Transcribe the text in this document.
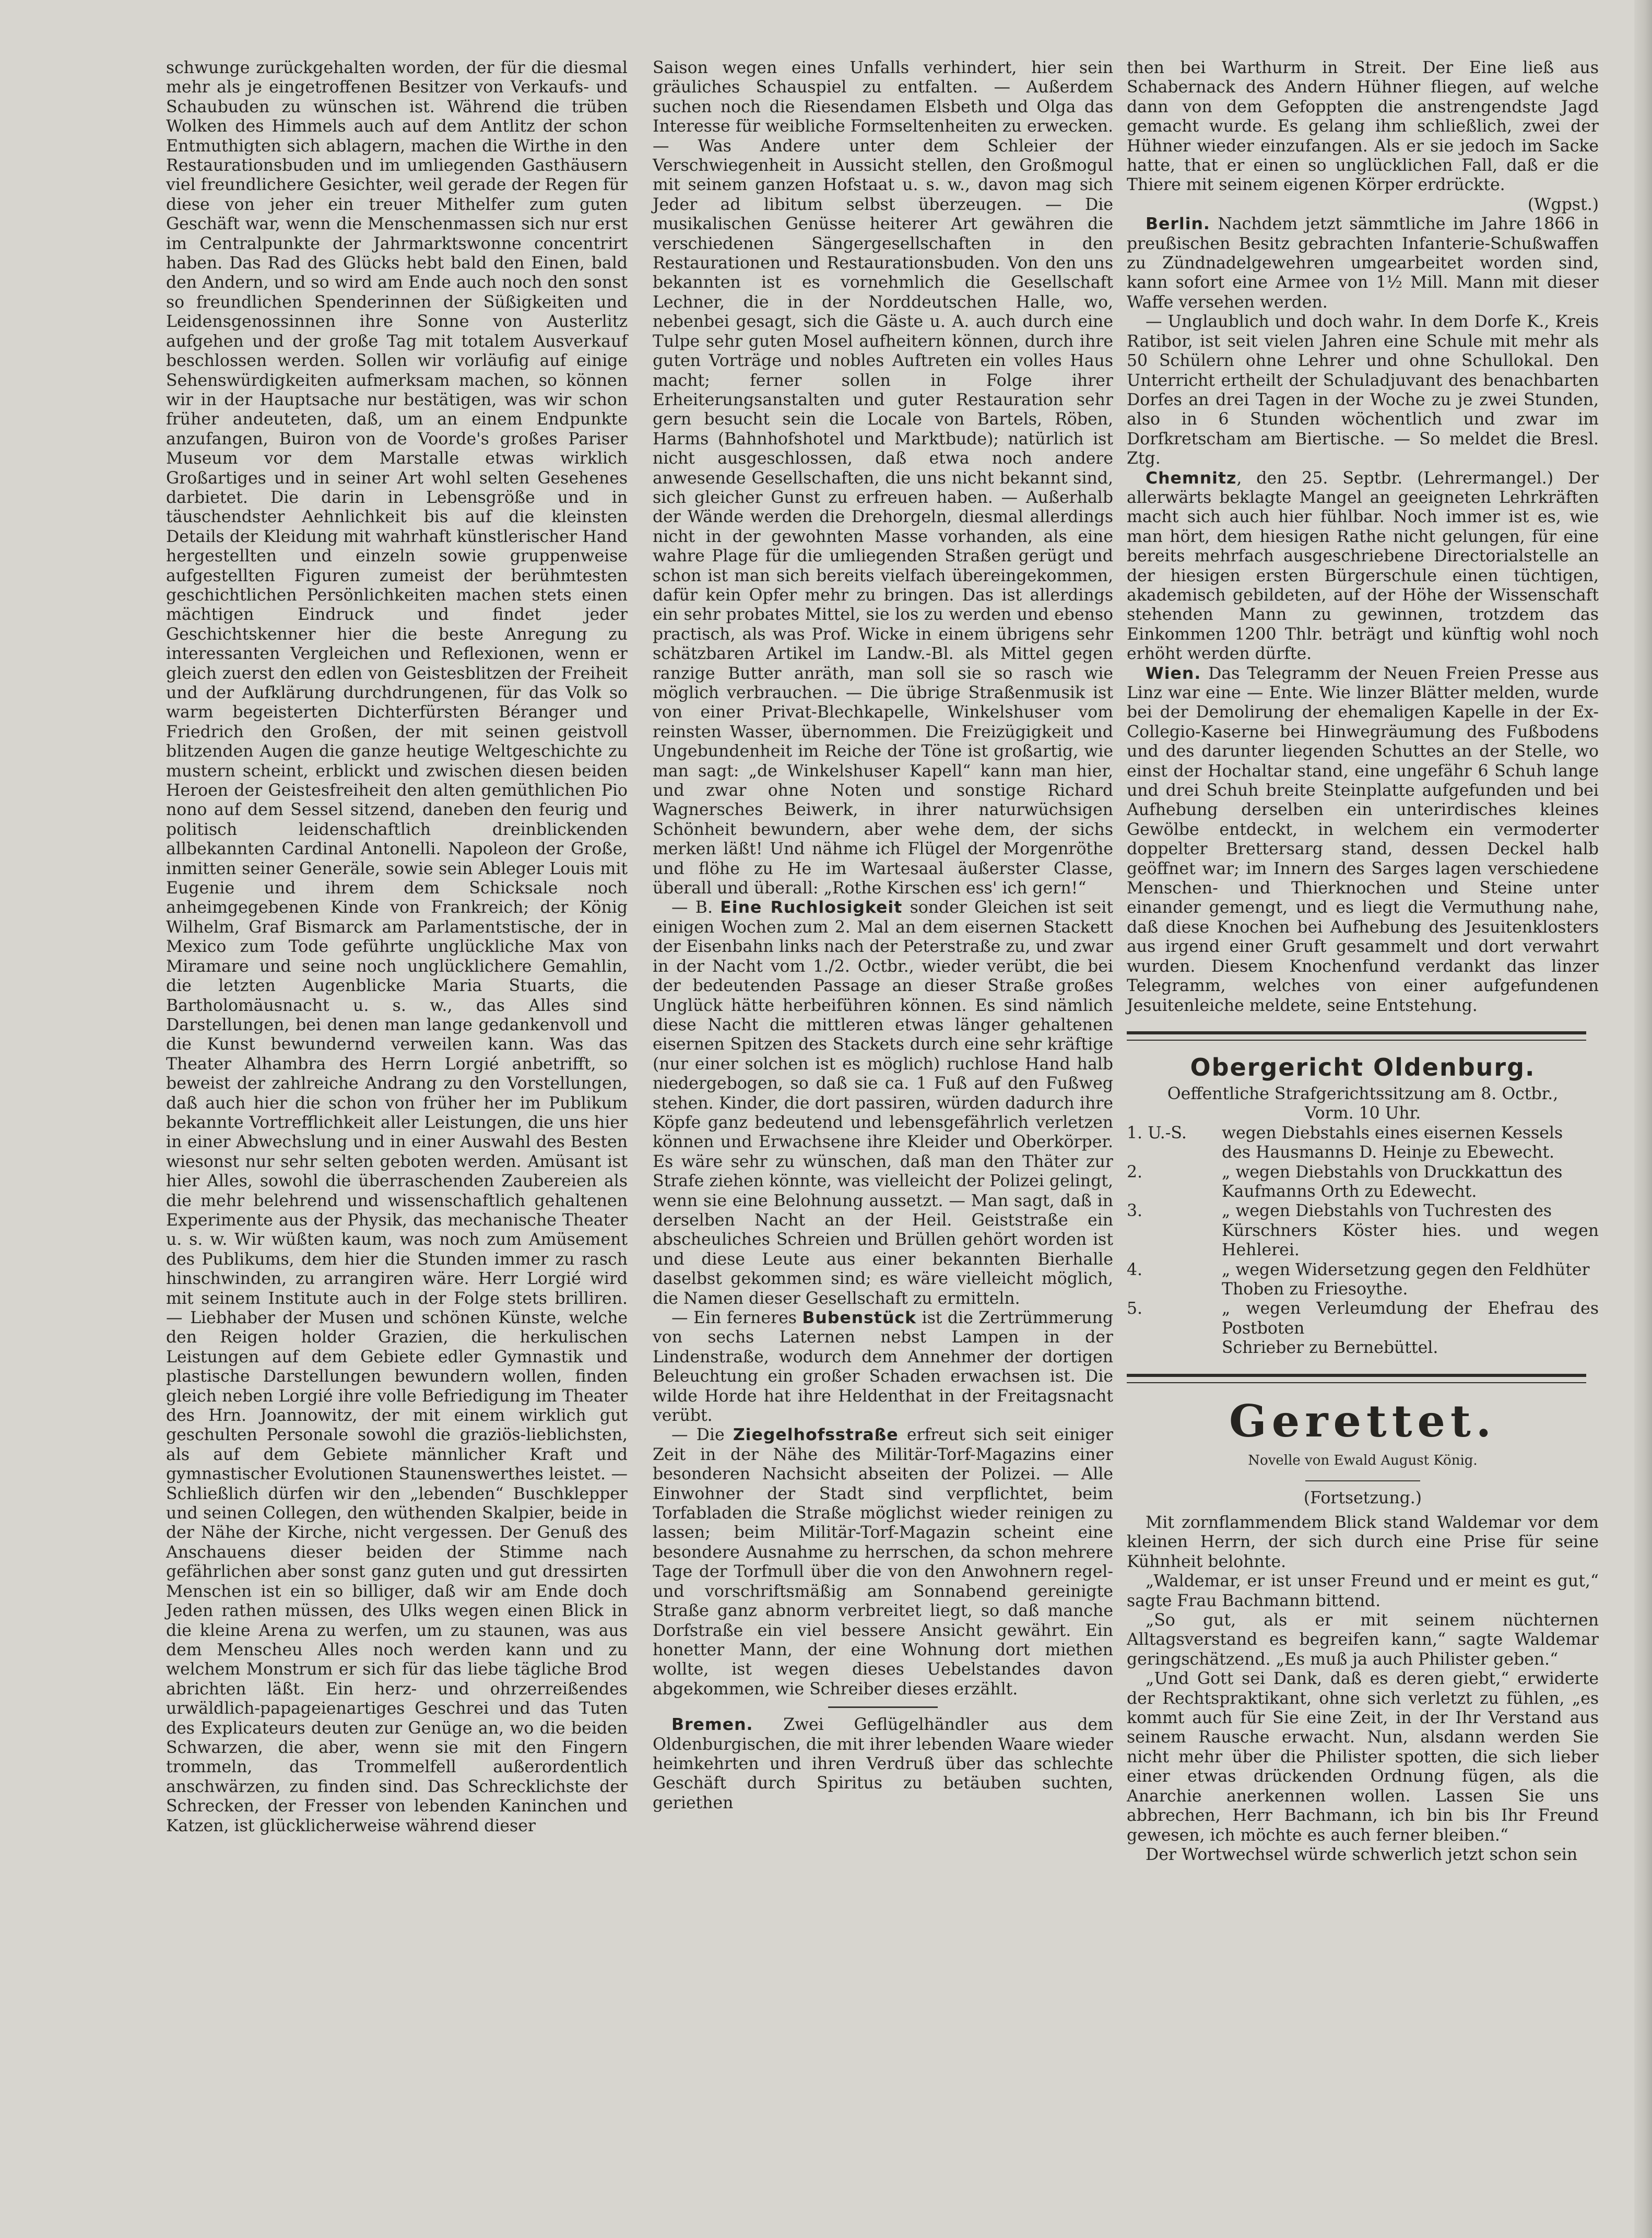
schwunge zurückgehalten worden, der für die diesmal mehr als je eingetroffenen Besitzer von Verkaufs- und Schaubuden zu wünschen ist. Während die trüben Wolken des Himmels auch auf dem Antlitz der schon Entmuthigten sich ablagern, machen die Wirthe in den Restaurationsbuden und im umliegenden Gasthäusern viel freundlichere Gesichter, weil gerade der Regen für diese von jeher ein treuer Mithelfer zum guten Geschäft war, wenn die Menschenmassen sich nur erst im Centralpunkte der Jahrmarktswonne concentrirt haben. Das Rad des Glücks hebt bald den Einen, bald den Andern, und so wird am Ende auch noch den sonst so freundlichen Spenderinnen der Süßigkeiten und Leidensgenossinnen ihre Sonne von Austerlitz aufgehen und der große Tag mit totalem Ausverkauf beschlossen werden. Sollen wir vorläufig auf einige Sehenswürdigkeiten aufmerksam machen, so können wir in der Hauptsache nur bestätigen, was wir schon früher andeuteten, daß, um an einem Endpunkte anzufangen, Buiron von de Voorde's großes Pariser Museum vor dem Marstalle etwas wirklich Großartiges und in seiner Art wohl selten Gesehenes darbietet. Die darin in Lebensgröße und in täuschendster Aehnlichkeit bis auf die kleinsten Details der Kleidung mit wahrhaft künstlerischer Hand hergestellten und einzeln sowie gruppenweise aufgestellten Figuren zumeist der berühmtesten geschichtlichen Persönlichkeiten machen stets einen mächtigen Eindruck und findet jeder Geschichtskenner hier die beste Anregung zu interessanten Vergleichen und Reflexionen, wenn er gleich zuerst den edlen von Geistesblitzen der Freiheit und der Aufklärung durchdrungenen, für das Volk so warm begeisterten Dichterfürsten Béranger und Friedrich den Großen, der mit seinen geistvoll blitzenden Augen die ganze heutige Weltgeschichte zu mustern scheint, erblickt und zwischen diesen beiden Heroen der Geistesfreiheit den alten gemüthlichen Pio nono auf dem Sessel sitzend, daneben den feurig und politisch leidenschaftlich dreinblickenden allbekannten Cardinal Antonelli. Napoleon der Große, inmitten seiner Generäle, sowie sein Ableger Louis mit Eugenie und ihrem dem Schicksale noch anheimgegebenen Kinde von Frankreich; der König Wilhelm, Graf Bismarck am Parlamentstische, der in Mexico zum Tode geführte unglückliche Max von Miramare und seine noch unglücklichere Gemahlin, die letzten Augenblicke Maria Stuarts, die Bartholomäusnacht u. s. w., das Alles sind Darstellungen, bei denen man lange gedankenvoll und die Kunst bewundernd verweilen kann. Was das Theater Alhambra des Herrn Lorgié anbetrifft, so beweist der zahlreiche Andrang zu den Vorstellungen, daß auch hier die schon von früher her im Publikum bekannte Vortrefflichkeit aller Leistungen, die uns hier in einer Abwechslung und in einer Auswahl des Besten wiesonst nur sehr selten geboten werden. Amüsant ist hier Alles, sowohl die überraschenden Zaubereien als die mehr belehrend und wissenschaftlich gehaltenen Experimente aus der Physik, das mechanische Theater u. s. w. Wir wüßten kaum, was noch zum Amüsement des Publikums, dem hier die Stunden immer zu rasch hinschwinden, zu arrangiren wäre. Herr Lorgié wird mit seinem Institute auch in der Folge stets brilliren. — Liebhaber der Musen und schönen Künste, welche den Reigen holder Grazien, die herkulischen Leistungen auf dem Gebiete edler Gymnastik und plastische Darstellungen bewundern wollen, finden gleich neben Lorgié ihre volle Befriedigung im Theater des Hrn. Joannowitz, der mit einem wirklich gut geschulten Personale sowohl die graziös-lieblichsten, als auf dem Gebiete männlicher Kraft und gymnastischer Evolutionen Staunenswerthes leistet. — Schließlich dürfen wir den „lebenden“ Buschklepper und seinen Collegen, den wüthenden Skalpier, beide in der Nähe der Kirche, nicht vergessen. Der Genuß des Anschauens dieser beiden der Stimme nach gefährlichen aber sonst ganz guten und gut dressirten Menschen ist ein so billiger, daß wir am Ende doch Jeden rathen müssen, des Ulks wegen einen Blick in die kleine Arena zu werfen, um zu staunen, was aus dem Menscheu Alles noch werden kann und zu welchem Monstrum er sich für das liebe tägliche Brod abrichten läßt. Ein herz- und ohrzerreißendes urwäldlich-papageienartiges Geschrei und das Tuten des Explicateurs deuten zur Genüge an, wo die beiden Schwarzen, die aber, wenn sie mit den Fingern trommeln, das Trommelfell außerordentlich anschwärzen, zu finden sind. Das Schrecklichste der Schrecken, der Fresser von lebenden Kaninchen und Katzen, ist glücklicherweise während dieser

Saison wegen eines Unfalls verhindert, hier sein gräuliches Schauspiel zu entfalten. — Außerdem suchen noch die Riesendamen Elsbeth und Olga das Interesse für weibliche Formseltenheiten zu erwecken. — Was Andere unter dem Schleier der Verschwiegenheit in Aussicht stellen, den Großmogul mit seinem ganzen Hofstaat u. s. w., davon mag sich Jeder ad libitum selbst überzeugen. — Die musikalischen Genüsse heiterer Art gewähren die verschiedenen Sängergesellschaften in den Restaurationen und Restaurationsbuden. Von den uns bekannten ist es vornehmlich die Gesellschaft Lechner, die in der Norddeutschen Halle, wo, nebenbei gesagt, sich die Gäste u. A. auch durch eine Tulpe sehr guten Mosel aufheitern können, durch ihre guten Vorträge und nobles Auftreten ein volles Haus macht; ferner sollen in Folge ihrer Erheiterungsanstalten und guter Restauration sehr gern besucht sein die Locale von Bartels, Röben, Harms (Bahnhofshotel und Marktbude); natürlich ist nicht ausgeschlossen, daß etwa noch andere anwesende Gesellschaften, die uns nicht bekannt sind, sich gleicher Gunst zu erfreuen haben. — Außerhalb der Wände werden die Drehorgeln, diesmal allerdings nicht in der gewohnten Masse vorhanden, als eine wahre Plage für die umliegenden Straßen gerügt und schon ist man sich bereits vielfach übereingekommen, dafür kein Opfer mehr zu bringen. Das ist allerdings ein sehr probates Mittel, sie los zu werden und ebenso practisch, als was Prof. Wicke in einem übrigens sehr schätzbaren Artikel im Landw.-Bl. als Mittel gegen ranzige Butter anräth, man soll sie so rasch wie möglich verbrauchen. — Die übrige Straßenmusik ist von einer Privat-Blechkapelle, Winkelshuser vom reinsten Wasser, übernommen. Die Freizügigkeit und Ungebundenheit im Reiche der Töne ist großartig, wie man sagt: „de Winkelshuser Kapell“ kann man hier, und zwar ohne Noten und sonstige Richard Wagnersches Beiwerk, in ihrer naturwüchsigen Schönheit bewundern, aber wehe dem, der sichs merken läßt! Und nähme ich Flügel der Morgenröthe und flöhe zu He im Wartesaal äußerster Classe, überall und überall: „Rothe Kirschen ess' ich gern!“

— B. Eine Ruchlosigkeit sonder Gleichen ist seit einigen Wochen zum 2. Mal an dem eisernen Stackett der Eisenbahn links nach der Peterstraße zu, und zwar in der Nacht vom 1./2. Octbr., wieder verübt, die bei der bedeutenden Passage an dieser Straße großes Unglück hätte herbeiführen können. Es sind nämlich diese Nacht die mittleren etwas länger gehaltenen eisernen Spitzen des Stackets durch eine sehr kräftige (nur einer solchen ist es möglich) ruchlose Hand halb niedergebogen, so daß sie ca. 1 Fuß auf den Fußweg stehen. Kinder, die dort passiren, würden dadurch ihre Köpfe ganz bedeutend und lebensgefährlich verletzen können und Erwachsene ihre Kleider und Oberkörper. Es wäre sehr zu wünschen, daß man den Thäter zur Strafe ziehen könnte, was vielleicht der Polizei gelingt, wenn sie eine Belohnung aussetzt. — Man sagt, daß in derselben Nacht an der Heil. Geiststraße ein abscheuliches Schreien und Brüllen gehört worden ist und diese Leute aus einer bekannten Bierhalle daselbst gekommen sind; es wäre vielleicht möglich, die Namen dieser Gesellschaft zu ermitteln.

— Ein ferneres Bubenstück ist die Zertrümmerung von sechs Laternen nebst Lampen in der Lindenstraße, wodurch dem Annehmer der dortigen Beleuchtung ein großer Schaden erwachsen ist. Die wilde Horde hat ihre Heldenthat in der Freitagsnacht verübt.

— Die Ziegelhofsstraße erfreut sich seit einiger Zeit in der Nähe des Militär-Torf-Magazins einer besonderen Nachsicht abseiten der Polizei. — Alle Einwohner der Stadt sind verpflichtet, beim Torfabladen die Straße möglichst wieder reinigen zu lassen; beim Militär-Torf-Magazin scheint eine besondere Ausnahme zu herrschen, da schon mehrere Tage der Torfmull über die von den Anwohnern regel- und vorschriftsmäßig am Sonnabend gereinigte Straße ganz abnorm verbreitet liegt, so daß manche Dorfstraße ein viel bessere Ansicht gewährt. Ein honetter Mann, der eine Wohnung dort miethen wollte, ist wegen dieses Uebelstandes davon abgekommen, wie Schreiber dieses erzählt.

Bremen. Zwei Geflügelhändler aus dem Oldenburgischen, die mit ihrer lebenden Waare wieder heimkehrten und ihren Verdruß über das schlechte Geschäft durch Spiritus zu betäuben suchten, geriethen

then bei Warthurm in Streit. Der Eine ließ aus Schabernack des Andern Hühner fliegen, auf welche dann von dem Gefoppten die anstrengendste Jagd gemacht wurde. Es gelang ihm schließlich, zwei der Hühner wieder einzufangen. Als er sie jedoch im Sacke hatte, that er einen so unglücklichen Fall, daß er die Thiere mit seinem eigenen Körper erdrückte.

(Wgpst.)

Berlin. Nachdem jetzt sämmtliche im Jahre 1866 in preußischen Besitz gebrachten Infanterie-Schußwaffen zu Zündnadelgewehren umgearbeitet worden sind, kann sofort eine Armee von 1½ Mill. Mann mit dieser Waffe versehen werden.

— Unglaublich und doch wahr. In dem Dorfe K., Kreis Ratibor, ist seit vielen Jahren eine Schule mit mehr als 50 Schülern ohne Lehrer und ohne Schullokal. Den Unterricht ertheilt der Schuladjuvant des benachbarten Dorfes an drei Tagen in der Woche zu je zwei Stunden, also in 6 Stunden wöchentlich und zwar im Dorfkretscham am Biertische. — So meldet die Bresl. Ztg.

Chemnitz, den 25. Septbr. (Lehrermangel.) Der allerwärts beklagte Mangel an geeigneten Lehrkräften macht sich auch hier fühlbar. Noch immer ist es, wie man hört, dem hiesigen Rathe nicht gelungen, für eine bereits mehrfach ausgeschriebene Directorialstelle an der hiesigen ersten Bürgerschule einen tüchtigen, akademisch gebildeten, auf der Höhe der Wissenschaft stehenden Mann zu gewinnen, trotzdem das Einkommen 1200 Thlr. beträgt und künftig wohl noch erhöht werden dürfte.

Wien. Das Telegramm der Neuen Freien Presse aus Linz war eine — Ente. Wie linzer Blätter melden, wurde bei der Demolirung der ehemaligen Kapelle in der Ex-Collegio-Kaserne bei Hinwegräumung des Fußbodens und des darunter liegenden Schuttes an der Stelle, wo einst der Hochaltar stand, eine ungefähr 6 Schuh lange und drei Schuh breite Steinplatte aufgefunden und bei Aufhebung derselben ein unterirdisches kleines Gewölbe entdeckt, in welchem ein vermoderter doppelter Brettersarg stand, dessen Deckel halb geöffnet war; im Innern des Sarges lagen verschiedene Menschen- und Thierknochen und Steine unter einander gemengt, und es liegt die Vermuthung nahe, daß diese Knochen bei Aufhebung des Jesuitenklosters aus irgend einer Gruft gesammelt und dort verwahrt wurden. Diesem Knochenfund verdankt das linzer Telegramm, welches von einer aufgefundenen Jesuitenleiche meldete, seine Entstehung.

Obergericht Oldenburg.

Oeffentliche Strafgerichtssitzung am 8. Octbr.,

Vorm. 10 Uhr.

1. U.-S.	wegen Diebstahls eines eisernen Kessels
des Hausmanns D. Heinje zu Ebewecht.
2.	„ wegen Diebstahls von Druckkattun des
Kaufmanns Orth zu Edewecht.
3.	„ wegen Diebstahls von Tuchresten des
Kürschners Köster hies. und wegen Hehlerei.
4.	„ wegen Widersetzung gegen den Feldhüter
Thoben zu Friesoythe.
5.	„ wegen Verleumdung der Ehefrau des Postboten
Schrieber zu Bernebüttel.
Gerettet.
Novelle von Ewald August König.

(Fortsetzung.)

Mit zornflammendem Blick stand Waldemar vor dem kleinen Herrn, der sich durch eine Prise für seine Kühnheit belohnte.

„Waldemar, er ist unser Freund und er meint es gut,“ sagte Frau Bachmann bittend.

„So gut, als er mit seinem nüchternen Alltagsverstand es begreifen kann,“ sagte Waldemar geringschätzend. „Es muß ja auch Philister geben.“

„Und Gott sei Dank, daß es deren giebt,“ erwiderte der Rechtspraktikant, ohne sich verletzt zu fühlen, „es kommt auch für Sie eine Zeit, in der Ihr Verstand aus seinem Rausche erwacht. Nun, alsdann werden Sie nicht mehr über die Philister spotten, die sich lieber einer etwas drückenden Ordnung fügen, als die Anarchie anerkennen wollen. Lassen Sie uns abbrechen, Herr Bachmann, ich bin bis Ihr Freund gewesen, ich möchte es auch ferner bleiben.“

Der Wortwechsel würde schwerlich jetzt schon sein
